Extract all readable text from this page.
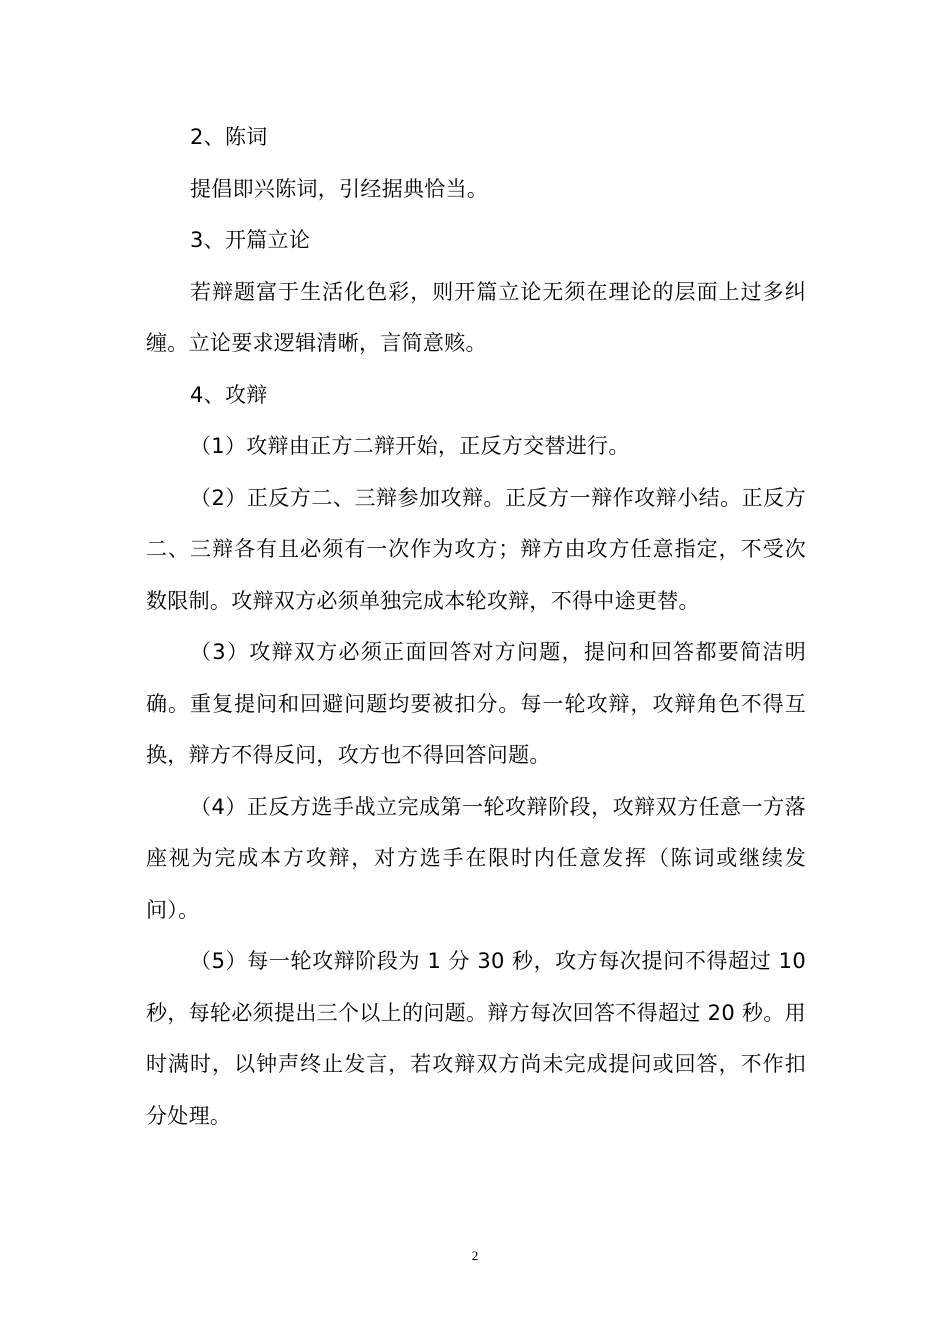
2、陈词

提倡即兴陈词，引经据典恰当。

3、开篇立论

若辩题富于生活化色彩，则开篇立论无须在理论的层面上过多纠缠。立论要求逻辑清晰，言简意赅。

4、攻辩

（1）攻辩由正方二辩开始，正反方交替进行。

（2）正反方二、三辩参加攻辩。正反方一辩作攻辩小结。正反方二、三辩各有且必须有一次作为攻方；辩方由攻方任意指定，不受次数限制。攻辩双方必须单独完成本轮攻辩，不得中途更替。

（3）攻辩双方必须正面回答对方问题，提问和回答都要简洁明确。重复提问和回避问题均要被扣分。每一轮攻辩，攻辩角色不得互换，辩方不得反问，攻方也不得回答问题。

（4）正反方选手战立完成第一轮攻辩阶段，攻辩双方任意一方落座视为完成本方攻辩，对方选手在限时内任意发挥（陈词或继续发问）。

（5）每一轮攻辩阶段为 1 分 30 秒，攻方每次提问不得超过 10 秒，每轮必须提出三个以上的问题。辩方每次回答不得超过 20 秒。用时满时，以钟声终止发言，若攻辩双方尚未完成提问或回答，不作扣分处理。

2
